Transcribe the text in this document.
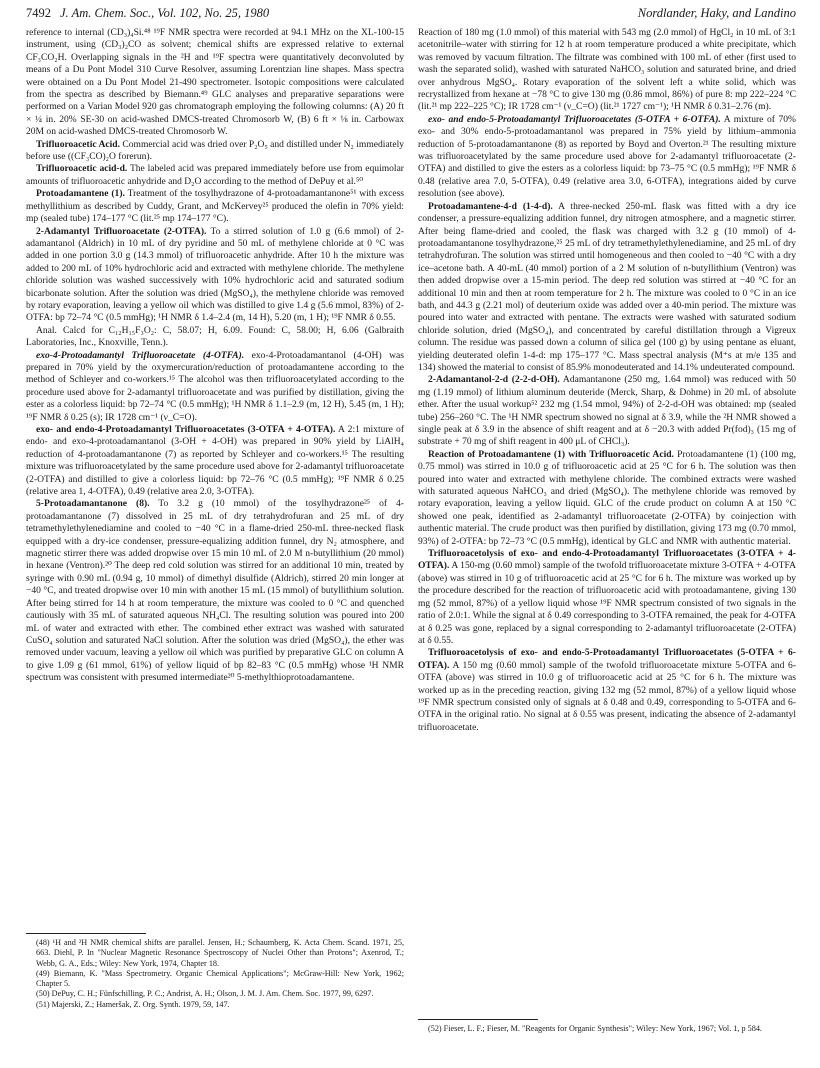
7492 J. Am. Chem. Soc., Vol. 102, No. 25, 1980	Nordlander, Haky, and Landino

reference to internal (CD₃)₄Si.⁴⁸ ¹⁹F NMR spectra were recorded at 94.1 MHz on the XL-100-15 instrument, using (CD₃)₂CO as solvent; chemical shifts are expressed relative to external CF₃CO₂H. Overlapping signals in the ²H and ¹⁹F spectra were quantitatively deconvoluted by means of a Du Pont Model 310 Curve Resolver, assuming Lorentzian line shapes. Mass spectra were obtained on a Du Pont Model 21-490 spectrometer. Isotopic compositions were calculated from the spectra as described by Biemann.⁴⁹ GLC analyses and preparative separations were performed on a Varian Model 920 gas chromatograph employing the following columns: (A) 20 ft × ¼ in. 20% SE-30 on acid-washed DMCS-treated Chromosorb W, (B) 6 ft × ⅛ in. Carbowax 20M on acid-washed DMCS-treated Chromosorb W.

Trifluoroacetic Acid. Commercial acid was dried over P₂O₅ and distilled under N₂ immediately before use ((CF₃CO)₂O forerun).

Trifluoroacetic acid-d. The labeled acid was prepared immediately before use from equimolar amounts of trifluoroacetic anhydride and D₂O according to the method of DePuy et al.⁵⁰

Protoadamantene (1). Treatment of the tosylhydrazone of 4-protoadamantanone⁵¹ with excess methyllithium as described by Cuddy, Grant, and McKervey²⁵ produced the olefin in 70% yield: mp (sealed tube) 174–177 °C (lit.²⁵ mp 174–177 °C).

2-Adamantyl Trifluoroacetate (2-OTFA). To a stirred solution of 1.0 g (6.6 mmol) of 2-adamantanol (Aldrich) in 10 mL of dry pyridine and 50 mL of methylene chloride at 0 °C was added in one portion 3.0 g (14.3 mmol) of trifluoroacetic anhydride. After 10 h the mixture was added to 200 mL of 10% hydrochloric acid and extracted with methylene chloride. The methylene chloride solution was washed successively with 10% hydrochloric acid and saturated sodium bicarbonate solution. After the solution was dried (MgSO₄), the methylene chloride was removed by rotary evaporation, leaving a yellow oil which was distilled to give 1.4 g (5.6 mmol, 83%) of 2-OTFA: bp 72–74 °C (0.5 mmHg); ¹H NMR δ 1.4–2.4 (m, 14 H), 5.20 (m, 1 H); ¹⁹F NMR δ 0.55.

Anal. Calcd for C₁₂H₁₅F₃O₂: C, 58.07; H, 6.09. Found: C, 58.00; H, 6.06 (Galbraith Laboratories, Inc., Knoxville, Tenn.).

exo-4-Protoadamantyl Trifluoroacetate (4-OTFA). exo-4-Protoadamantanol (4-OH) was prepared in 70% yield by the oxymercuration/reduction of protoadamantene according to the method of Schleyer and co-workers.¹⁵ The alcohol was then trifluoroacetylated according to the procedure used above for 2-adamantyl trifluoroacetate and was purified by distillation, giving the ester as a colorless liquid: bp 72–74 °C (0.5 mmHg); ¹H NMR δ 1.1–2.9 (m, 12 H), 5.45 (m, 1 H); ¹⁹F NMR δ 0.25 (s); IR 1728 cm⁻¹ (ν_C=O).

exo- and endo-4-Protoadamantyl Trifluoroacetates (3-OTFA + 4-OTFA). A 2:1 mixture of endo- and exo-4-protoadamantanol (3-OH + 4-OH) was prepared in 90% yield by LiAlH₄ reduction of 4-protoadamantanone (7) as reported by Schleyer and co-workers.¹⁵ The resulting mixture was trifluoroacetylated by the same procedure used above for 2-adamantyl trifluoroacetate (2-OTFA) and distilled to give a colorless liquid: bp 72–76 °C (0.5 mmHg); ¹⁹F NMR δ 0.25 (relative area 1, 4-OTFA), 0.49 (relative area 2.0, 3-OTFA).

5-Protoadamantanone (8). To 3.2 g (10 mmol) of the tosylhydrazone²⁵ of 4-protoadamantanone (7) dissolved in 25 mL of dry tetrahydrofuran and 25 mL of dry tetramethylethylenediamine and cooled to −40 °C in a flame-dried 250-mL three-necked flask equipped with a dry-ice condenser, pressure-equalizing addition funnel, dry N₂ atmosphere, and magnetic stirrer there was added dropwise over 15 min 10 mL of 2.0 M n-butyllithium (20 mmol) in hexane (Ventron).²⁰ The deep red cold solution was stirred for an additional 10 min, treated by syringe with 0.90 mL (0.94 g, 10 mmol) of dimethyl disulfide (Aldrich), stirred 20 min longer at −40 °C, and treated dropwise over 10 min with another 15 mL (15 mmol) of butyllithium solution. After being stirred for 14 h at room temperature, the mixture was cooled to 0 °C and quenched cautiously with 35 mL of saturated aqueous NH₄Cl. The resulting solution was poured into 200 mL of water and extracted with ether. The combined ether extract was washed with saturated CuSO₄ solution and saturated NaCl solution. After the solution was dried (MgSO₄), the ether was removed under vacuum, leaving a yellow oil which was purified by preparative GLC on column A to give 1.09 g (61 mmol, 61%) of yellow liquid of bp 82–83 °C (0.5 mmHg) whose ¹H NMR spectrum was consistent with presumed intermediate²⁰ 5-methylthioprotoadamantene.

(48) ¹H and ²H NMR chemical shifts are parallel. Jensen, H.; Schaumberg, K. Acta Chem. Scand. 1971, 25, 663. Diehl, P. In "Nuclear Magnetic Resonance Spectroscopy of Nuclei Other than Protons"; Axenrod, T.; Webb, G. A., Eds.; Wiley: New York, 1974, Chapter 18.
(49) Biemann, K. "Mass Spectrometry. Organic Chemical Applications"; McGraw-Hill: New York, 1962; Chapter 5.
(50) DePuy, C. H.; Fünfschilling, P. C.; Andrist, A. H.; Olson, J. M. J. Am. Chem. Soc. 1977, 99, 6297.
(51) Majerski, Z.; Hameršak, Z. Org. Synth. 1979, 59, 147.

Reaction of 180 mg (1.0 mmol) of this material with 543 mg (2.0 mmol) of HgCl₂ in 10 mL of 3:1 acetonitrile–water with stirring for 12 h at room temperature produced a white precipitate, which was removed by vacuum filtration. The filtrate was combined with 100 mL of ether (first used to wash the separated solid), washed with saturated NaHCO₃ solution and saturated brine, and dried over anhydrous MgSO₄. Rotary evaporation of the solvent left a white solid, which was recrystallized from hexane at −78 °C to give 130 mg (0.86 mmol, 86%) of pure 8: mp 222–224 °C (lit.²¹ mp 222–225 °C); IR 1728 cm⁻¹ (ν_C=O) (lit.²¹ 1727 cm⁻¹); ¹H NMR δ 0.31–2.76 (m).

exo- and endo-5-Protoadamantyl Trifluoroacetates (5-OTFA + 6-OTFA). A mixture of 70% exo- and 30% endo-5-protoadamantanol was prepared in 75% yield by lithium–ammonia reduction of 5-protoadamantanone (8) as reported by Boyd and Overton.²¹ The resulting mixture was trifluoroacetylated by the same procedure used above for 2-adamantyl trifluoroacetate (2-OTFA) and distilled to give the esters as a colorless liquid: bp 73–75 °C (0.5 mmHg); ¹⁹F NMR δ 0.48 (relative area 7.0, 5-OTFA), 0.49 (relative area 3.0, 6-OTFA), integrations aided by curve resolution (see above).

Protoadamantene-4-d (1-4-d). A three-necked 250-mL flask was fitted with a dry ice condenser, a pressure-equalizing addition funnel, dry nitrogen atmosphere, and a magnetic stirrer. After being flame-dried and cooled, the flask was charged with 3.2 g (10 mmol) of 4-protoadamantanone tosylhydrazone,²⁵ 25 mL of dry tetramethylethylenediamine, and 25 mL of dry tetrahydrofuran. The solution was stirred until homogeneous and then cooled to −40 °C with a dry ice–acetone bath. A 40-mL (40 mmol) portion of a 2 M solution of n-butyllithium (Ventron) was then added dropwise over a 15-min period. The deep red solution was stirred at −40 °C for an additional 10 min and then at room temperature for 2 h. The mixture was cooled to 0 °C in an ice bath, and 44.3 g (2.21 mol) of deuterium oxide was added over a 40-min period. The mixture was poured into water and extracted with pentane. The extracts were washed with saturated sodium chloride solution, dried (MgSO₄), and concentrated by careful distillation through a Vigreux column. The residue was passed down a column of silica gel (100 g) by using pentane as eluant, yielding deuterated olefin 1-4-d: mp 175–177 °C. Mass spectral analysis (M⁺s at m/e 135 and 134) showed the material to consist of 85.9% monodeuterated and 14.1% undeuterated compound.

2-Adamantanol-2-d (2-2-d-OH). Adamantanone (250 mg, 1.64 mmol) was reduced with 50 mg (1.19 mmol) of lithium aluminum deuteride (Merck, Sharp, & Dohme) in 20 mL of absolute ether. After the usual workup⁵² 232 mg (1.54 mmol, 94%) of 2-2-d-OH was obtained: mp (sealed tube) 256–260 °C. The ¹H NMR spectrum showed no signal at δ 3.9, while the ²H NMR showed a single peak at δ 3.9 in the absence of shift reagent and at δ −20.3 with added Pr(fod)₃ (15 mg of substrate + 70 mg of shift reagent in 400 μL of CHCl₃).

Reaction of Protoadamantene (1) with Trifluoroacetic Acid. Protoadamantene (1) (100 mg, 0.75 mmol) was stirred in 10.0 g of trifluoroacetic acid at 25 °C for 6 h. The solution was then poured into water and extracted with methylene chloride. The combined extracts were washed with saturated aqueous NaHCO₃ and dried (MgSO₄). The methylene chloride was removed by rotary evaporation, leaving a yellow liquid. GLC of the crude product on column A at 150 °C showed one peak, identified as 2-adamantyl trifluoroacetate (2-OTFA) by coinjection with authentic material. The crude product was then purified by distillation, giving 173 mg (0.70 mmol, 93%) of 2-OTFA: bp 72–73 °C (0.5 mmHg), identical by GLC and NMR with authentic material.

Trifluoroacetolysis of exo- and endo-4-Protoadamantyl Trifluoroacetates (3-OTFA + 4-OTFA). A 150-mg (0.60 mmol) sample of the twofold trifluoroacetate mixture 3-OTFA + 4-OTFA (above) was stirred in 10 g of trifluoroacetic acid at 25 °C for 6 h. The mixture was worked up by the procedure described for the reaction of trifluoroacetic acid with protoadamantene, giving 130 mg (52 mmol, 87%) of a yellow liquid whose ¹⁹F NMR spectrum consisted of two signals in the ratio of 2.0:1. While the signal at δ 0.49 corresponding to 3-OTFA remained, the peak for 4-OTFA at δ 0.25 was gone, replaced by a signal corresponding to 2-adamantyl trifluoroacetate (2-OTFA) at δ 0.55.

Trifluoroacetolysis of exo- and endo-5-Protoadamantyl Trifluoroacetates (5-OTFA + 6-OTFA). A 150 mg (0.60 mmol) sample of the twofold trifluoroacetate mixture 5-OTFA and 6-OTFA (above) was stirred in 10.0 g of trifluoroacetic acid at 25 °C for 6 h. The mixture was worked up as in the preceding reaction, giving 132 mg (52 mmol, 87%) of a yellow liquid whose ¹⁹F NMR spectrum consisted only of signals at δ 0.48 and 0.49, corresponding to 5-OTFA and 6-OTFA in the original ratio. No signal at δ 0.55 was present, indicating the absence of 2-adamantyl trifluoroacetate.

(52) Fieser, L. F.; Fieser, M. "Reagents for Organic Synthesis"; Wiley: New York, 1967; Vol. 1, p 584.
